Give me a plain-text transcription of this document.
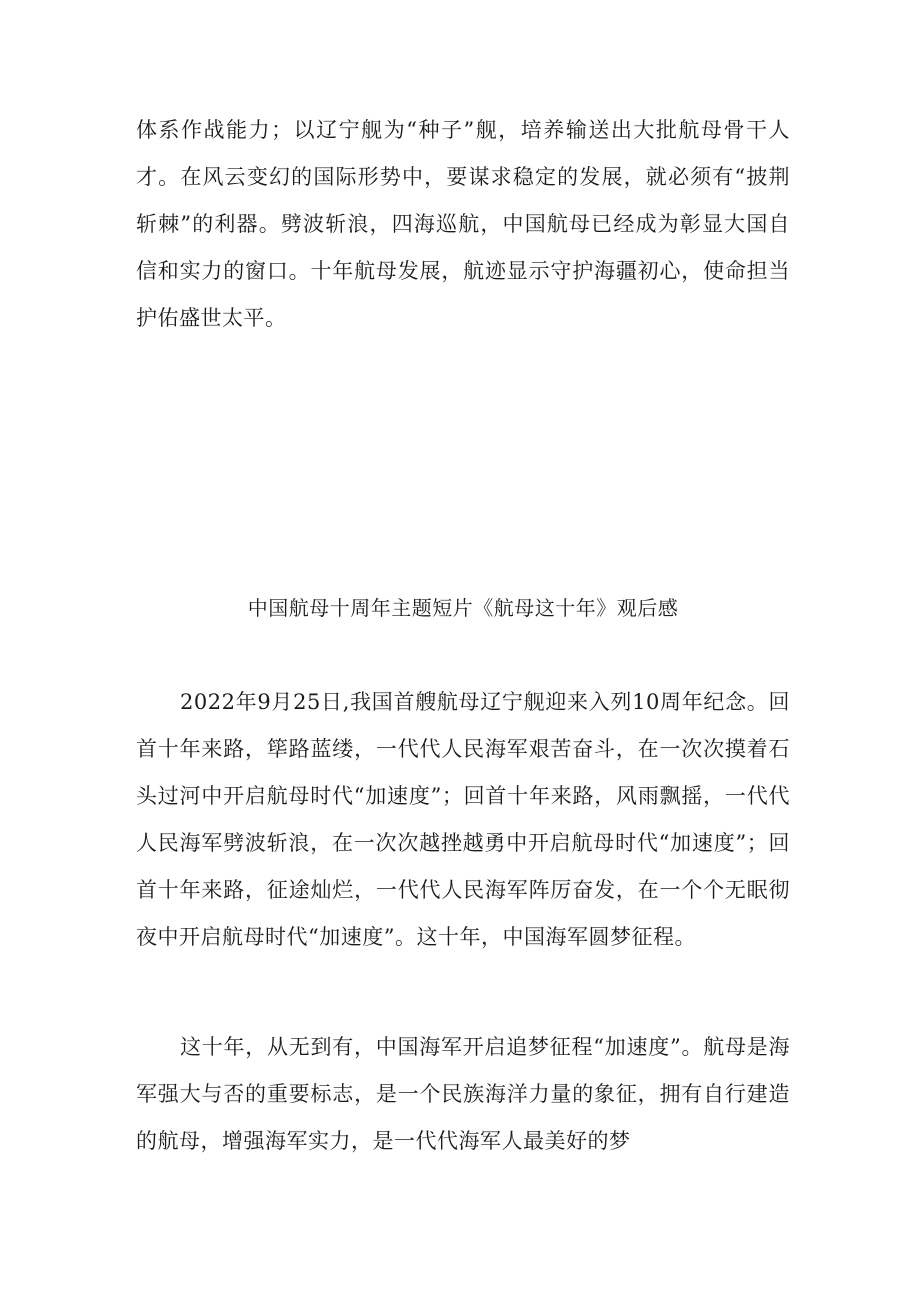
体系作战能力；以辽宁舰为“种子”舰，培养输送出大批航母骨干人才。在风云变幻的国际形势中，要谋求稳定的发展，就必须有“披荆斩棘”的利器。劈波斩浪，四海巡航，中国航母已经成为彰显大国自信和实力的窗口。十年航母发展，航迹显示守护海疆初心，使命担当护佑盛世太平。

中国航母十周年主题短片《航母这十年》观后感

2022年9月25日,我国首艘航母辽宁舰迎来入列10周年纪念。回首十年来路，筚路蓝缕，一代代人民海军艰苦奋斗，在一次次摸着石头过河中开启航母时代“加速度”；回首十年来路，风雨飘摇，一代代人民海军劈波斩浪，在一次次越挫越勇中开启航母时代“加速度”；回首十年来路，征途灿烂，一代代人民海军阵厉奋发，在一个个无眠彻夜中开启航母时代“加速度”。这十年，中国海军圆梦征程。

这十年，从无到有，中国海军开启追梦征程“加速度”。航母是海军强大与否的重要标志，是一个民族海洋力量的象征，拥有自行建造的航母，增强海军实力，是一代代海军人最美好的梦
